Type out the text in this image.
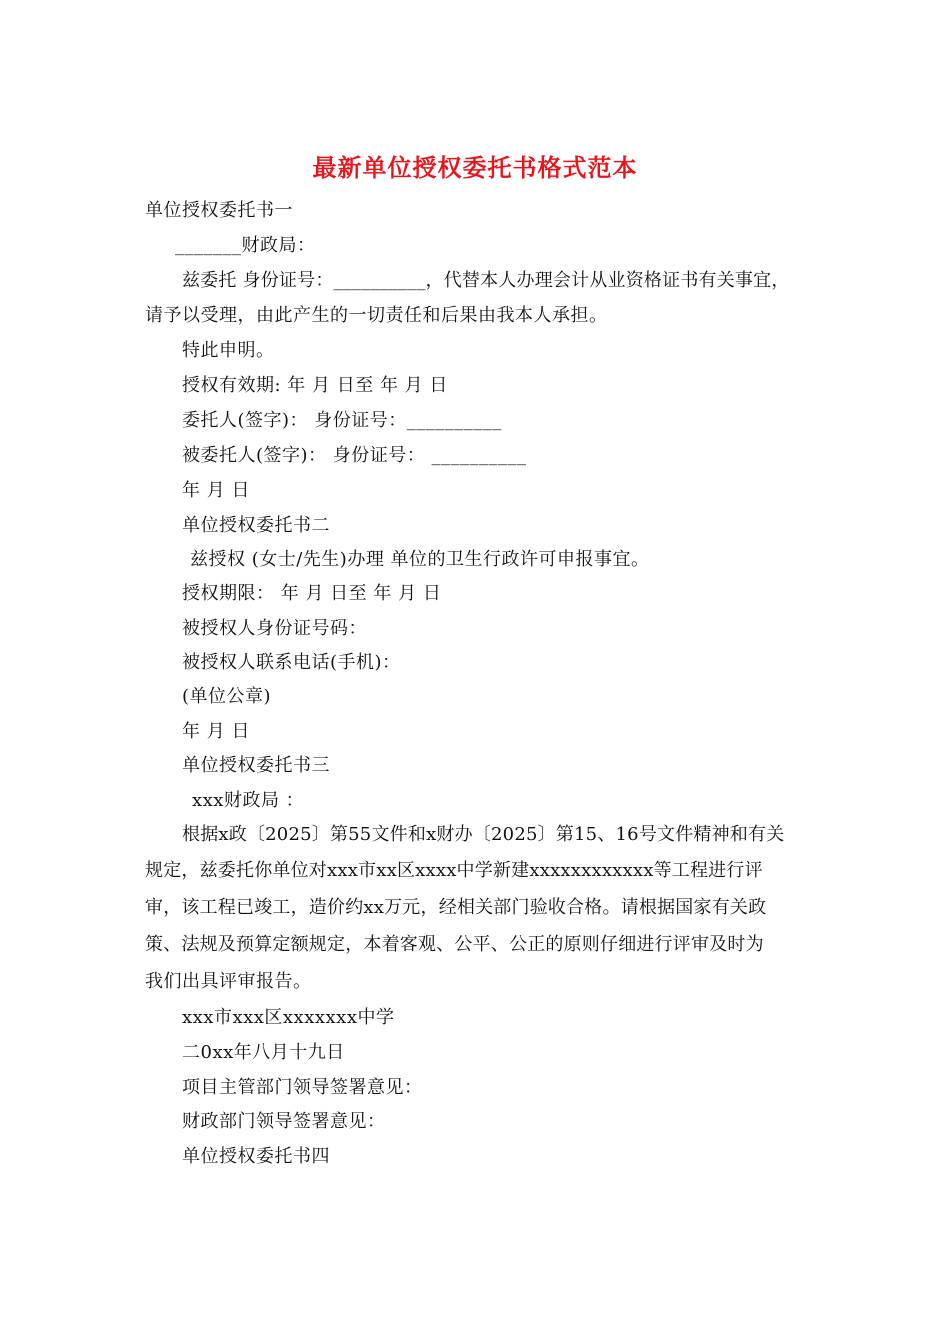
最新单位授权委托书格式范本
单位授权委托书一
_______财政局：
兹委托 身份证号：__________，代替本人办理会计从业资格证书有关事宜，
请予以受理，由此产生的一切责任和后果由我本人承担。
特此申明。
授权有效期: 年 月 日至 年 月 日
委托人(签字)： 身份证号：__________
被委托人(签字)： 身份证号： __________
年 月 日
单位授权委托书二
兹授权 (女士/先生)办理 单位的卫生行政许可申报事宜。
授权期限： 年 月 日至 年 月 日
被授权人身份证号码：
被授权人联系电话(手机)：
(单位公章)
年 月 日
单位授权委托书三
xxx财政局 ：
根据x政〔2025〕第55文件和x财办〔2025〕第15、16号文件精神和有关
规定，兹委托你单位对xxx市xx区xxxx中学新建xxxxxxxxxxxx等工程进行评
审，该工程已竣工，造价约xx万元，经相关部门验收合格。请根据国家有关政
策、法规及预算定额规定，本着客观、公平、公正的原则仔细进行评审及时为
我们出具评审报告。
xxx市xxx区xxxxxxx中学
二0xx年八月十九日
项目主管部门领导签署意见：
财政部门领导签署意见：
单位授权委托书四
